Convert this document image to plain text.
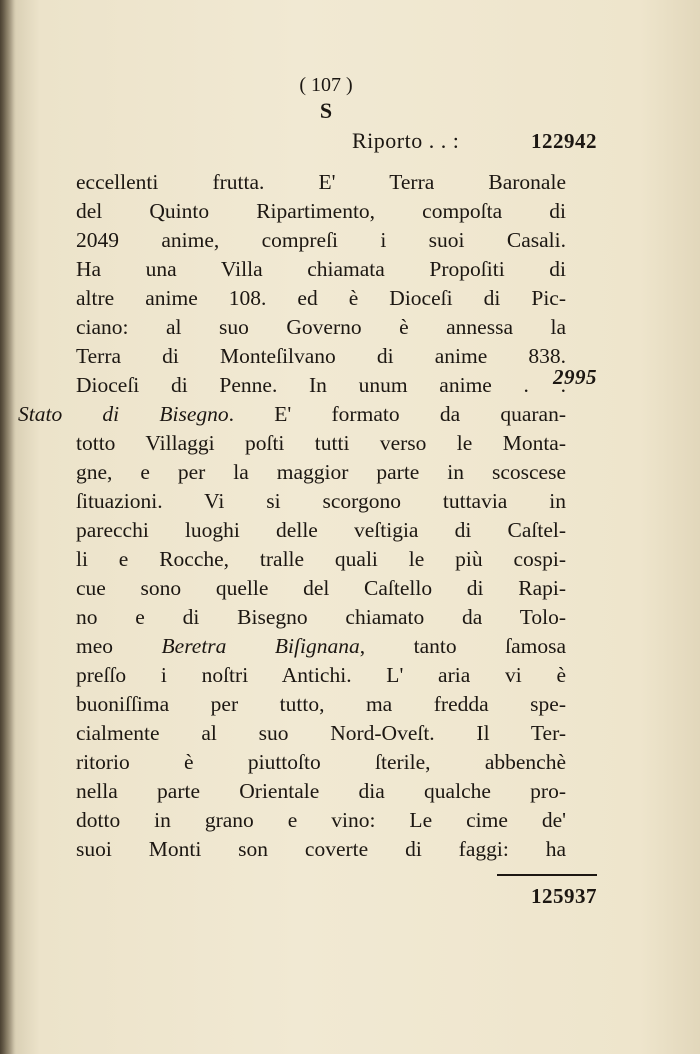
( 107 )
S
Riporto . . :	122942
eccellenti frutta. E' Terra Baronale
del Quinto Ripartimento, compoſta di
2049 anime, compreſi i suoi Casali.
Ha una Villa chiamata Propoſiti di
altre anime 108. ed è Dioceſi di Pic-
ciano: al suo Governo è annessa la
Terra di Monteſilvano di anime 838.
Dioceſi di Penne. In unum anime . .
Stato di Bisegno. E' formato da quaran-
totto Villaggi poſti tutti verso le Monta-
gne, e per la maggior parte in scoscese
ſituazioni. Vi si scorgono tuttavia in
parecchi luoghi delle veſtigia di Caſtel-
li e Rocche, tralle quali le più cospi-
cue sono quelle del Caſtello di Rapi-
no e di Bisegno chiamato da Tolo-
meo Beretra Biſignana, tanto ſamosa
preſſo i noſtri Antichi. L' aria vi è
buoniſſima per tutto, ma fredda spe-
cialmente al suo Nord-Oveſt. Il Ter-
ritorio è piuttoſto ſterile, abbenchè
nella parte Orientale dia qualche pro-
dotto in grano e vino: Le cime de'
suoi Monti son coverte di faggi: ha
2995
125937
